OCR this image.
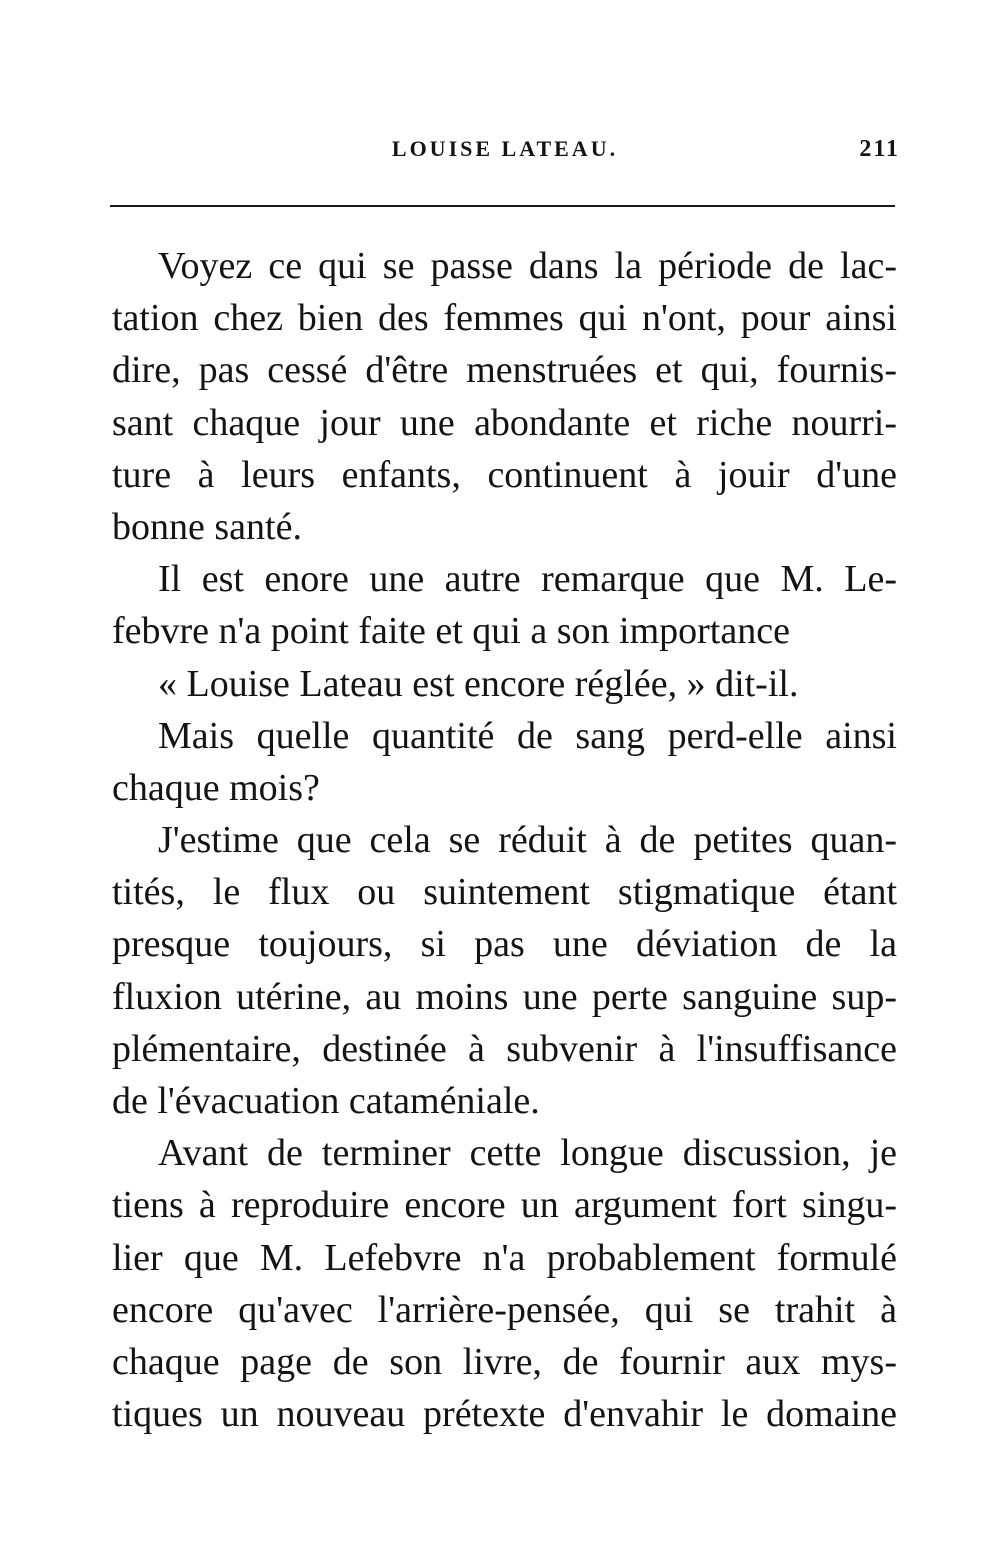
LOUISE LATEAU.	211
Voyez ce qui se passe dans la période de lac-
tation chez bien des femmes qui n'ont, pour ainsi
dire, pas cessé d'être menstruées et qui, fournis-
sant chaque jour une abondante et riche nourri-
ture à leurs enfants, continuent à jouir d'une
bonne santé.
Il est enore une autre remarque que M. Le-
febvre n'a point faite et qui a son importance
« Louise Lateau est encore réglée, » dit-il.
Mais quelle quantité de sang perd-elle ainsi
chaque mois?
J'estime que cela se réduit à de petites quan-
tités, le flux ou suintement stigmatique étant
presque toujours, si pas une déviation de la
fluxion utérine, au moins une perte sanguine sup-
plémentaire, destinée à subvenir à l'insuffisance
de l'évacuation cataméniale.
Avant de terminer cette longue discussion, je
tiens à reproduire encore un argument fort singu-
lier que M. Lefebvre n'a probablement formulé
encore qu'avec l'arrière-pensée, qui se trahit à
chaque page de son livre, de fournir aux mys-
tiques un nouveau prétexte d'envahir le domaine
